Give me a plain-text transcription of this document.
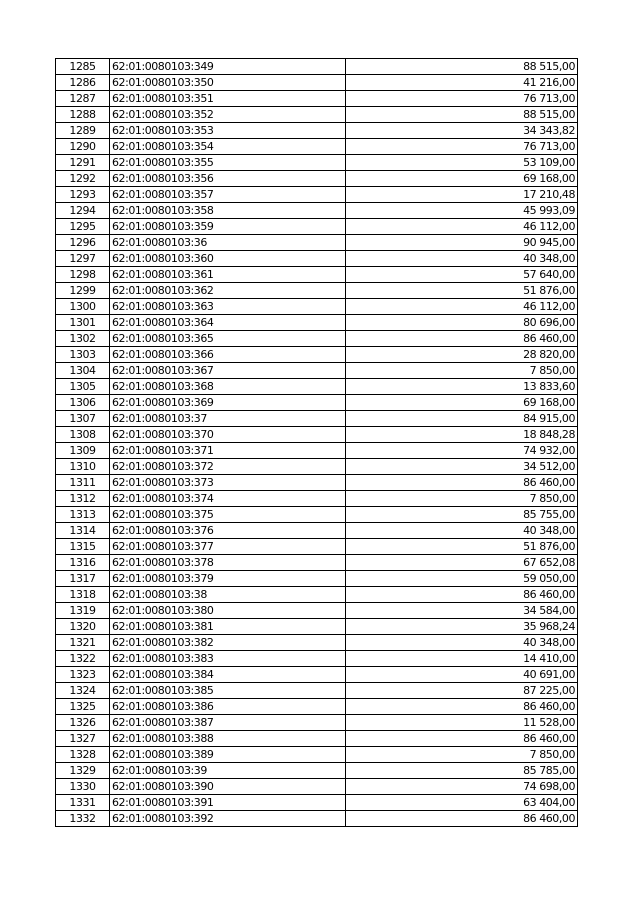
1285	62:01:0080103:349	88 515,00
1286	62:01:0080103:350	41 216,00
1287	62:01:0080103:351	76 713,00
1288	62:01:0080103:352	88 515,00
1289	62:01:0080103:353	34 343,82
1290	62:01:0080103:354	76 713,00
1291	62:01:0080103:355	53 109,00
1292	62:01:0080103:356	69 168,00
1293	62:01:0080103:357	17 210,48
1294	62:01:0080103:358	45 993,09
1295	62:01:0080103:359	46 112,00
1296	62:01:0080103:36	90 945,00
1297	62:01:0080103:360	40 348,00
1298	62:01:0080103:361	57 640,00
1299	62:01:0080103:362	51 876,00
1300	62:01:0080103:363	46 112,00
1301	62:01:0080103:364	80 696,00
1302	62:01:0080103:365	86 460,00
1303	62:01:0080103:366	28 820,00
1304	62:01:0080103:367	7 850,00
1305	62:01:0080103:368	13 833,60
1306	62:01:0080103:369	69 168,00
1307	62:01:0080103:37	84 915,00
1308	62:01:0080103:370	18 848,28
1309	62:01:0080103:371	74 932,00
1310	62:01:0080103:372	34 512,00
1311	62:01:0080103:373	86 460,00
1312	62:01:0080103:374	7 850,00
1313	62:01:0080103:375	85 755,00
1314	62:01:0080103:376	40 348,00
1315	62:01:0080103:377	51 876,00
1316	62:01:0080103:378	67 652,08
1317	62:01:0080103:379	59 050,00
1318	62:01:0080103:38	86 460,00
1319	62:01:0080103:380	34 584,00
1320	62:01:0080103:381	35 968,24
1321	62:01:0080103:382	40 348,00
1322	62:01:0080103:383	14 410,00
1323	62:01:0080103:384	40 691,00
1324	62:01:0080103:385	87 225,00
1325	62:01:0080103:386	86 460,00
1326	62:01:0080103:387	11 528,00
1327	62:01:0080103:388	86 460,00
1328	62:01:0080103:389	7 850,00
1329	62:01:0080103:39	85 785,00
1330	62:01:0080103:390	74 698,00
1331	62:01:0080103:391	63 404,00
1332	62:01:0080103:392	86 460,00
